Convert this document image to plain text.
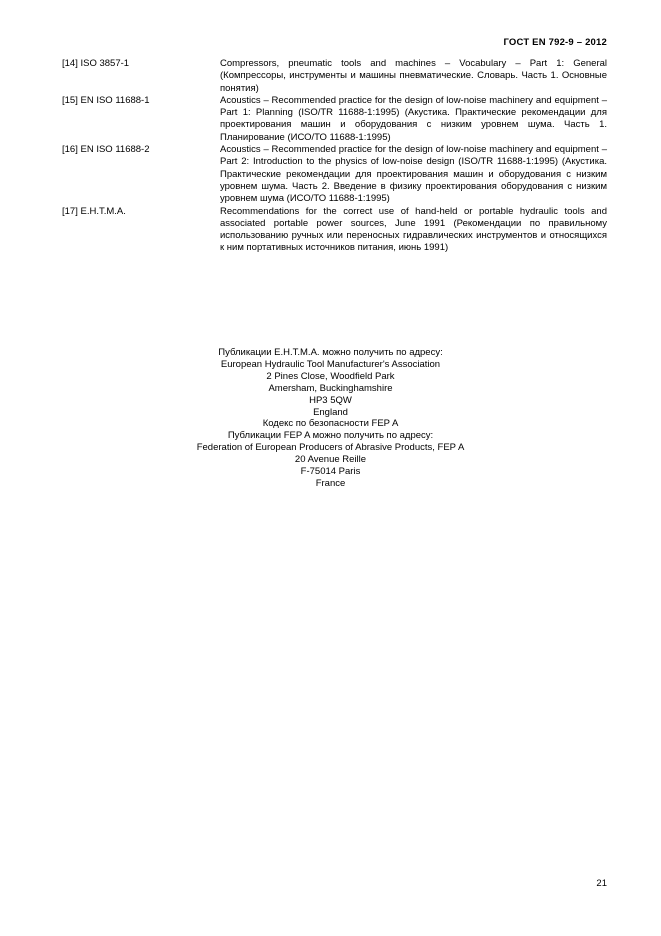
ГОСТ EN 792-9 – 2012
[14] ISO 3857-1	Compressors, pneumatic tools and machines – Vocabulary – Part 1: General (Компрессоры, инструменты и машины пневматические. Словарь. Часть 1. Основные понятия)
[15] EN ISO 11688-1	Acoustics – Recommended practice for the design of low-noise machinery and equipment – Part 1: Planning (ISO/TR 11688-1:1995) (Акустика. Практические рекомендации для проектирования машин и оборудования с низким уровнем шума. Часть 1. Планирование (ИСО/ТО 11688-1:1995)
[16] EN ISO 11688-2	Acoustics – Recommended practice for the design of low-noise machinery and equipment – Part 2: Introduction to the physics of low-noise design (ISO/TR 11688-1:1995) (Акустика. Практические рекомендации для проектирования машин и оборудования с низким уровнем шума. Часть 2. Введение в физику проектирования оборудования с низким уровнем шума (ИСО/ТО 11688-1:1995)
[17] E.H.T.M.A.	Recommendations for the correct use of hand-held or portable hydraulic tools and associated portable power sources, June 1991 (Рекомендации по правильному использованию ручных или переносных гидравлических инструментов и относящихся к ним портативных источников питания, июнь 1991)
Публикации E.H.T.M.A. можно получить по адресу:
European Hydraulic Tool Manufacturer's Association
2 Pines Close, Woodfield Park
Amersham, Buckinghamshire
HP3 5QW
England
Кодекс по безопасности FEP A
Публикации FEP A можно получить по адресу:
Federation of European Producers of Abrasive Products, FEP A
20 Avenue Reille
F-75014 Paris
France
21
